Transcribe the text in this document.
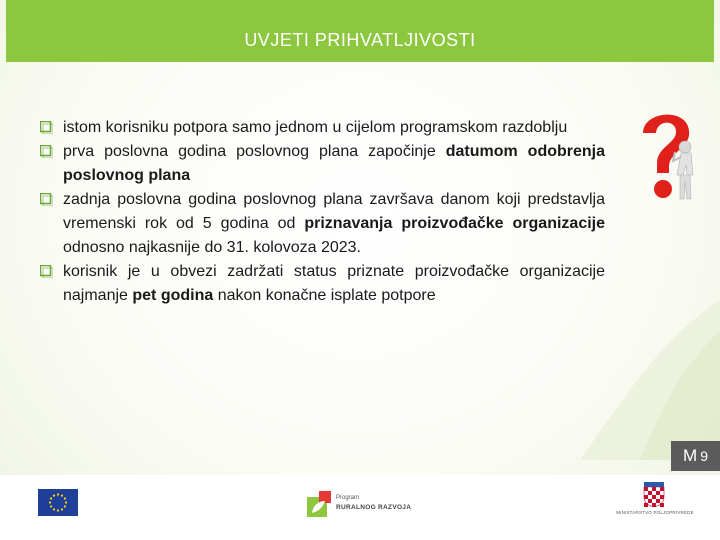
UVJETI PRIHVATLJIVOSTI
istom korisniku potpora samo jednom u cijelom programskom razdoblju
prva poslovna godina poslovnog plana započinje datumom odobrenja poslovnog plana
zadnja poslovna godina poslovnog plana završava danom koji predstavlja vremenski rok od 5 godina od priznavanja proizvođačke organizacije odnosno najkasnije do 31. kolovoza 2023.
korisnik je u obvezi zadržati status priznate proizvođačke organizacije najmanje pet godina nakon konačne isplate potpore
M 9
Program
RURALNOG RAZVOJA
MINISTARSTVO POLJOPRIVREDE
